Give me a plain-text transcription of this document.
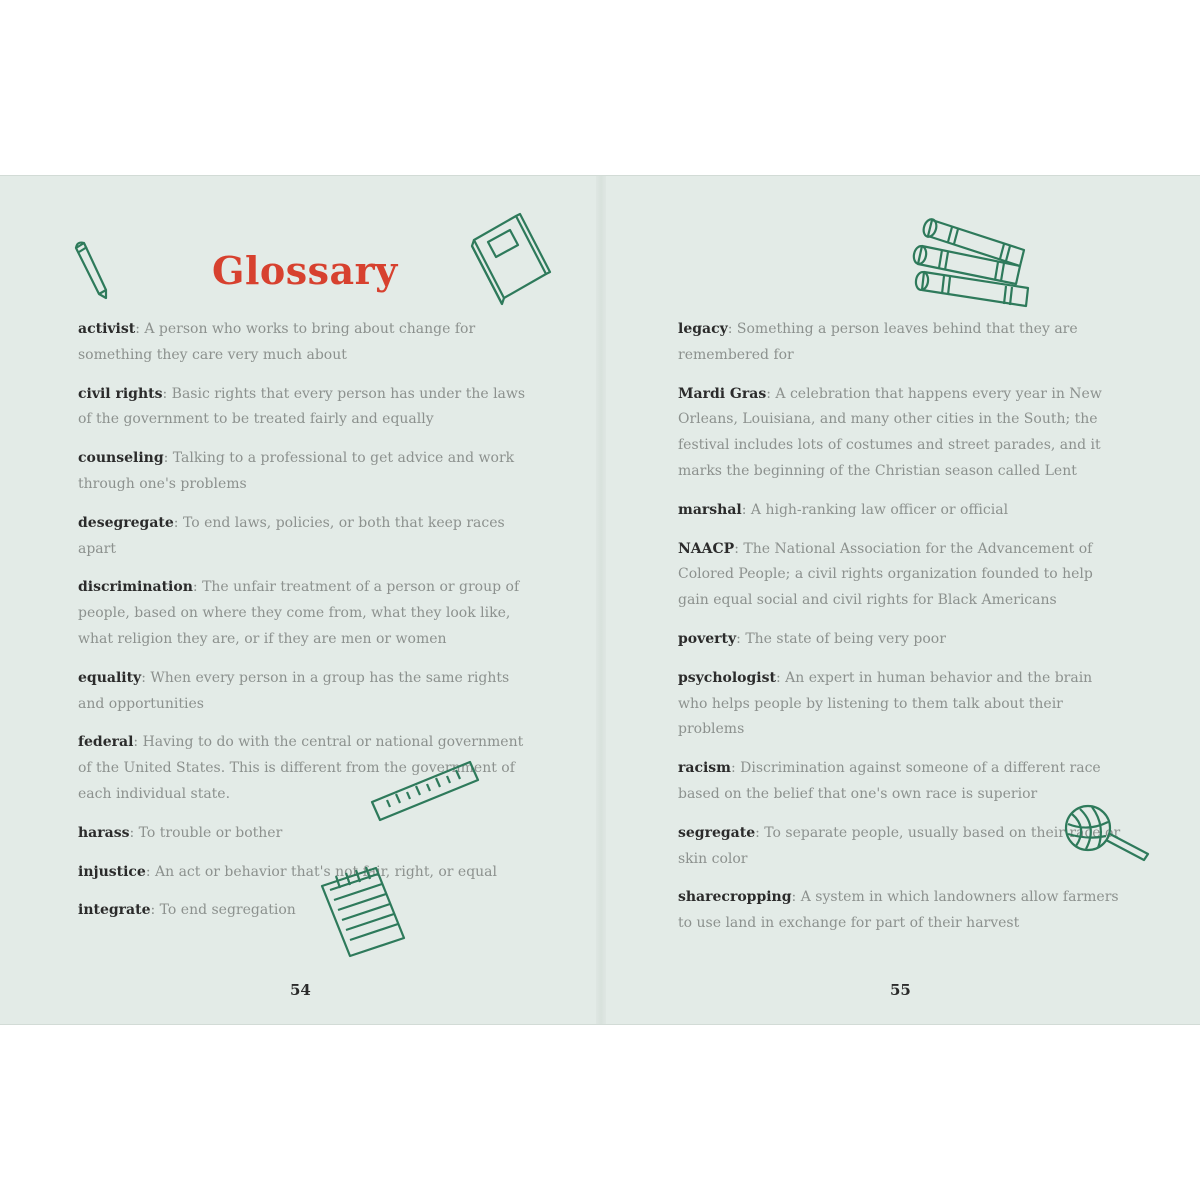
Glossary

activist: A person who works to bring about change for something they care very much about

civil rights: Basic rights that every person has under the laws of the government to be treated fairly and equally

counseling: Talking to a professional to get advice and work through one's problems

desegregate: To end laws, policies, or both that keep races apart

discrimination: The unfair treatment of a person or group of people, based on where they come from, what they look like, what religion they are, or if they are men or women

equality: When every person in a group has the same rights and opportunities

federal: Having to do with the central or national government of the United States. This is different from the government of each individual state.

harass: To trouble or bother

injustice: An act or behavior that's not fair, right, or equal

integrate: To end segregation

54

legacy: Something a person leaves behind that they are remembered for

Mardi Gras: A celebration that happens every year in New Orleans, Louisiana, and many other cities in the South; the festival includes lots of costumes and street parades, and it marks the beginning of the Christian season called Lent

marshal: A high-ranking law officer or official

NAACP: The National Association for the Advancement of Colored People; a civil rights organization founded to help gain equal social and civil rights for Black Americans

poverty: The state of being very poor

psychologist: An expert in human behavior and the brain who helps people by listening to them talk about their problems

racism: Discrimination against someone of a different race based on the belief that one's own race is superior

segregate: To separate people, usually based on their race or skin color

sharecropping: A system in which landowners allow farmers to use land in exchange for part of their harvest

55
